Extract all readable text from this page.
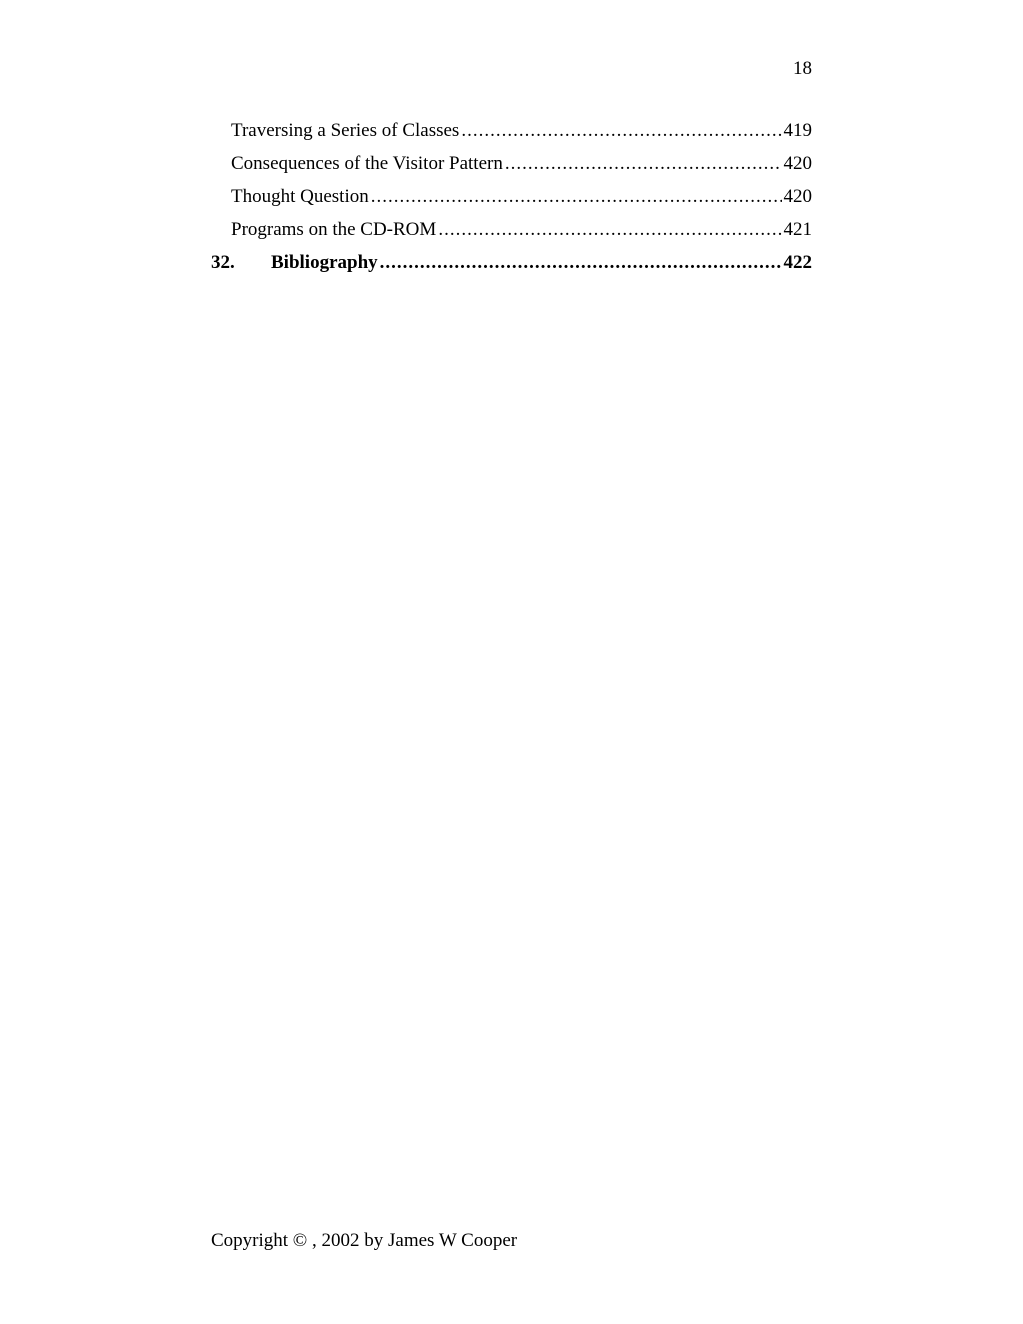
18
Traversing a Series of Classes .....	419
Consequences of the Visitor Pattern .....	420
Thought Question .....	420
Programs on the CD-ROM .....	421
32.	Bibliography .....	422
Copyright © , 2002 by James W Cooper
